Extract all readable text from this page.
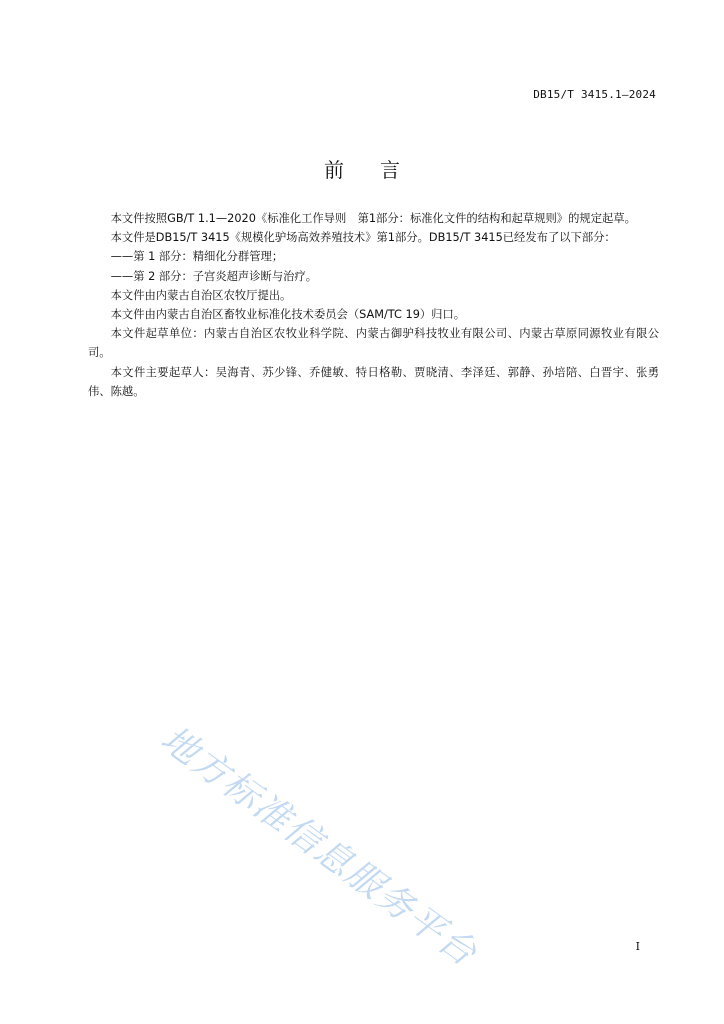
DB15/T 3415.1—2024
前言

本文件按照GB/T 1.1—2020《标准化工作导则　第1部分：标准化文件的结构和起草规则》的规定起草。

本文件是DB15/T 3415《规模化驴场高效养殖技术》第1部分。DB15/T 3415已经发布了以下部分：

——第 1 部分：精细化分群管理；

——第 2 部分：子宫炎超声诊断与治疗。

本文件由内蒙古自治区农牧厅提出。

本文件由内蒙古自治区畜牧业标准化技术委员会（SAM/TC 19）归口。

本文件起草单位：内蒙古自治区农牧业科学院、内蒙古御驴科技牧业有限公司、内蒙古草原同源牧业有限公司。

本文件主要起草人：吴海青、苏少锋、乔健敏、特日格勒、贾晓清、李泽廷、郭静、孙培陪、白晋宇、张勇伟、陈越。

地方标准信息服务平台	I
